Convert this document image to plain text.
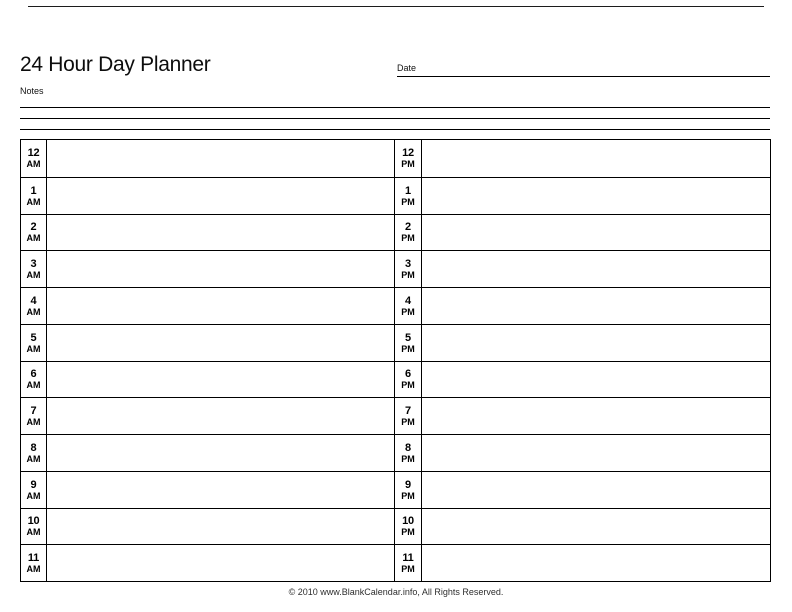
24 Hour Day Planner	Date
Notes
12
AM
12
PM
1
AM
1
PM
2
AM
2
PM
3
AM
3
PM
4
AM
4
PM
5
AM
5
PM
6
AM
6
PM
7
AM
7
PM
8
AM
8
PM
9
AM
9
PM
10
AM
10
PM
11
AM
11
PM
© 2010 www.BlankCalendar.info, All Rights Reserved.
